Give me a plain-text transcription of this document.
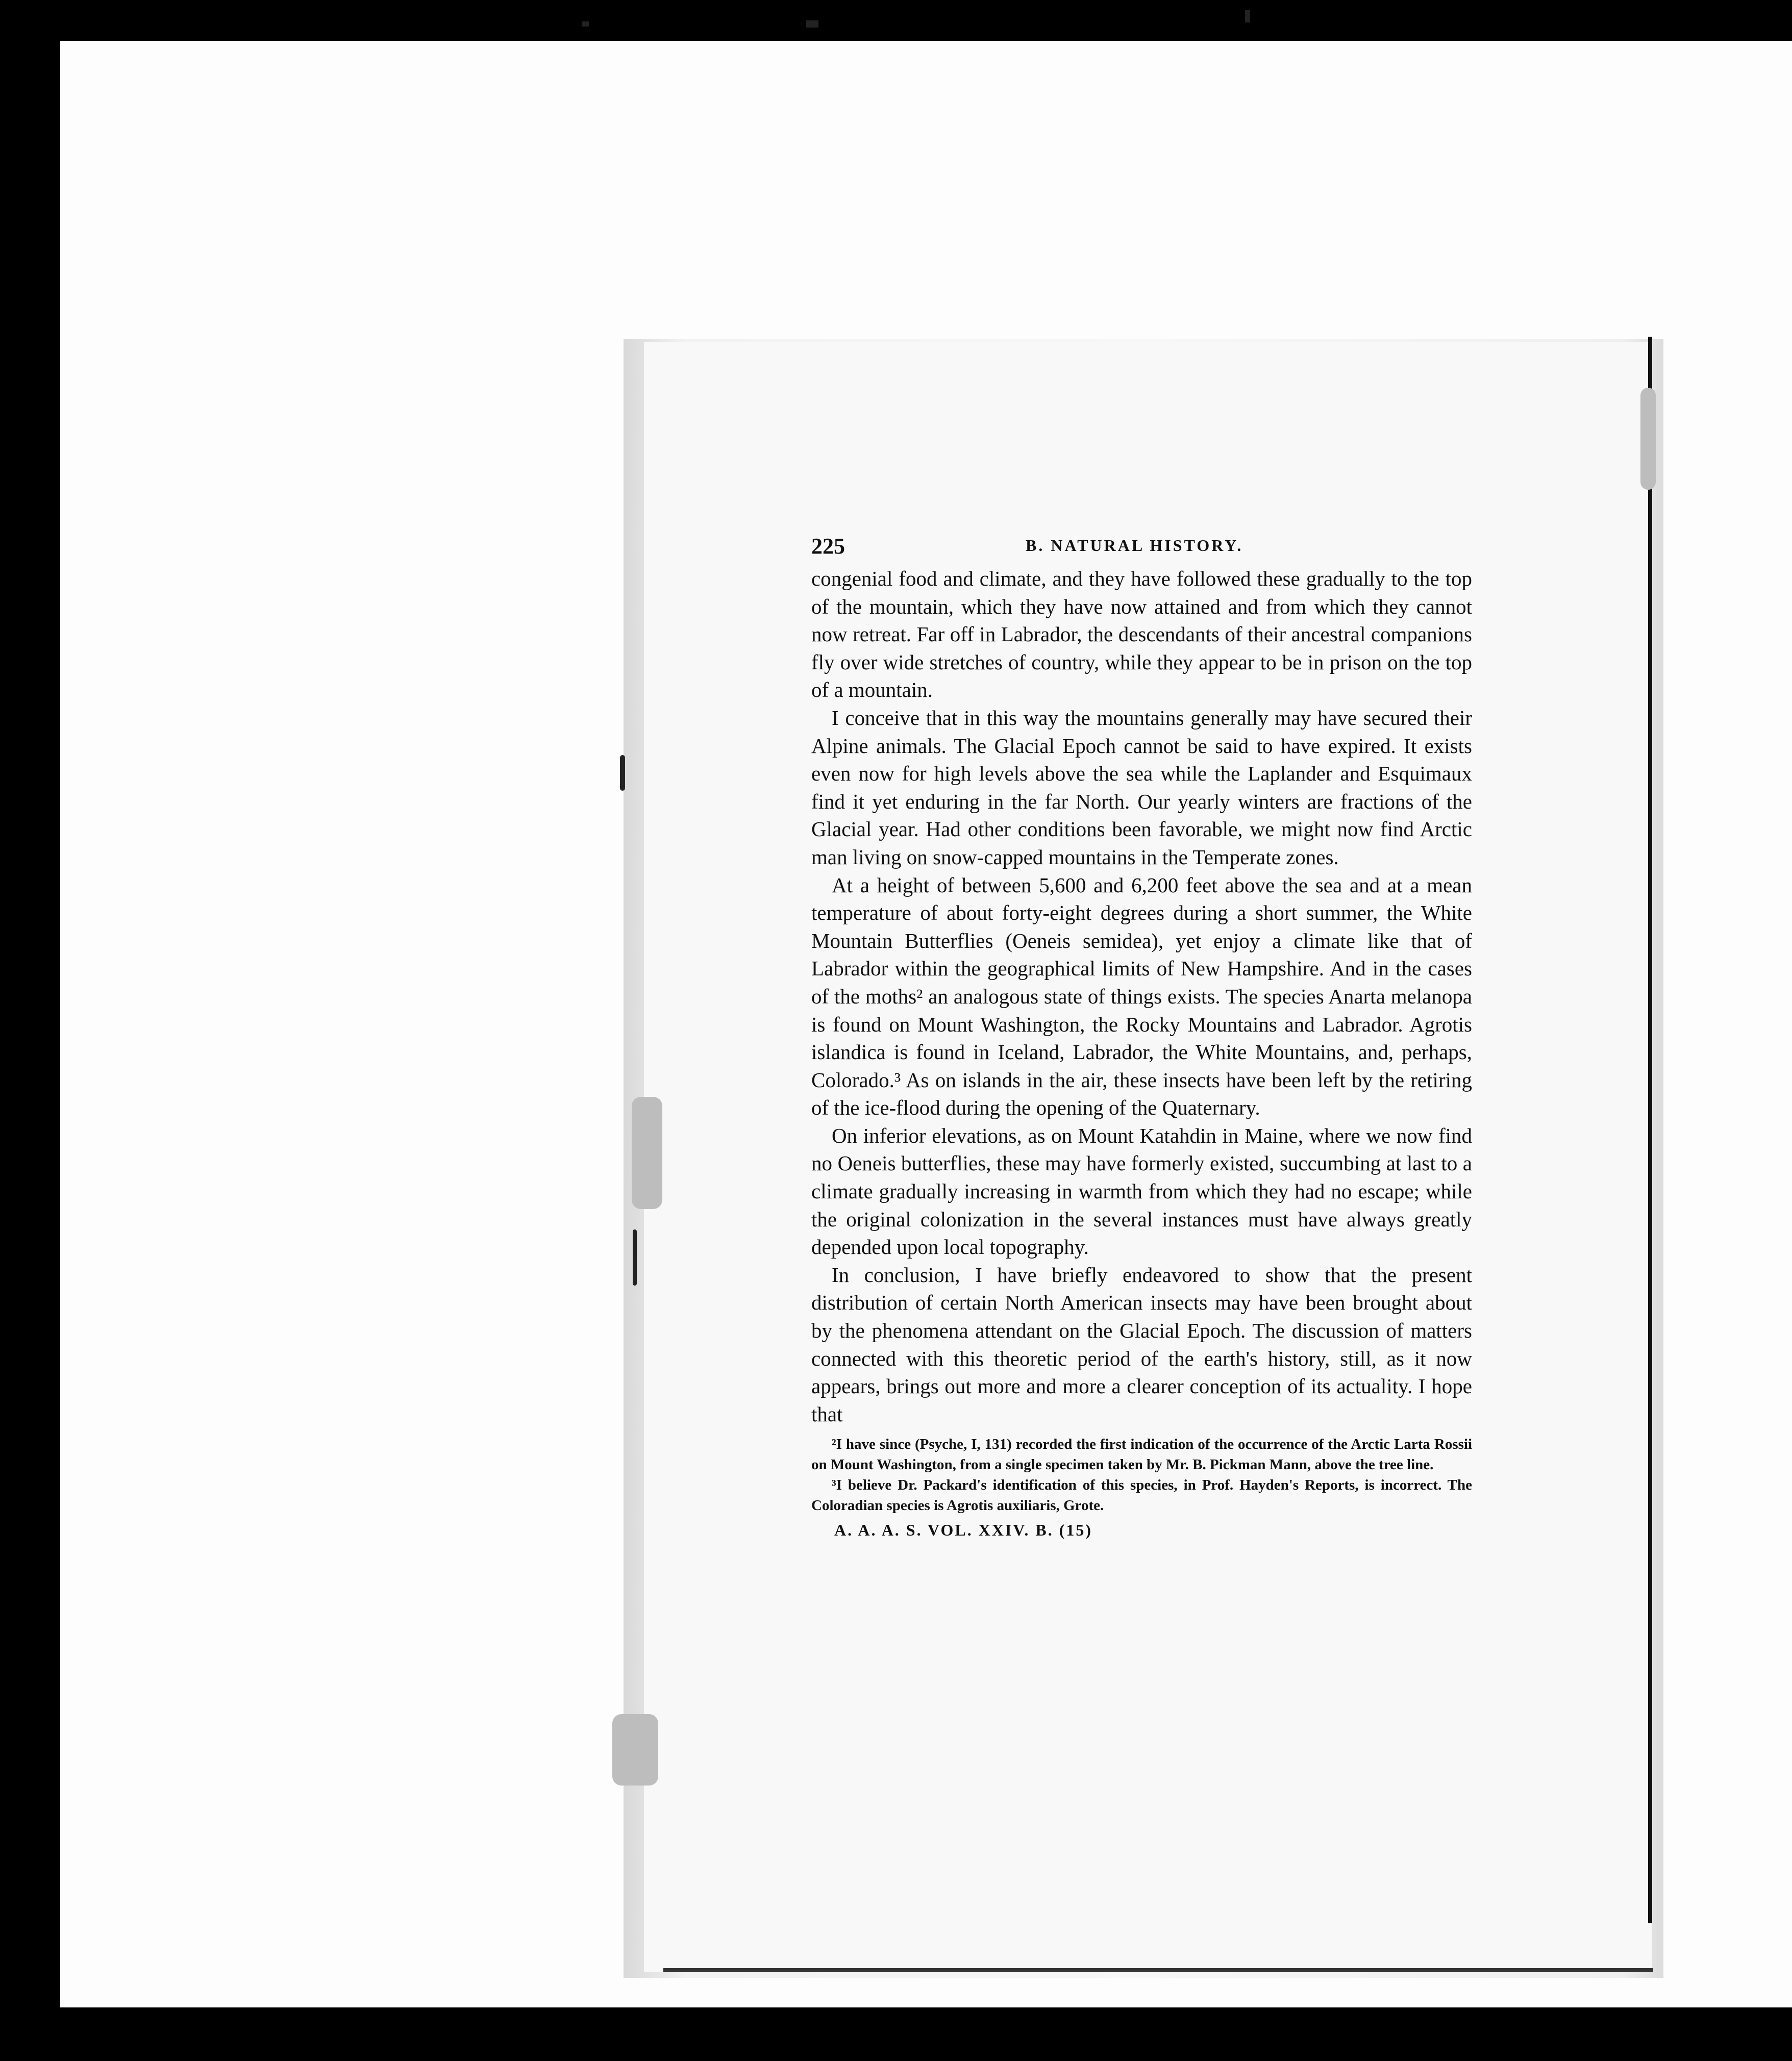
225	B. NATURAL HISTORY.

congenial food and climate, and they have followed these gradually to the top of the mountain, which they have now attained and from which they cannot now retreat. Far off in Labrador, the descendants of their ancestral companions fly over wide stretches of country, while they appear to be in prison on the top of a mountain.

I conceive that in this way the mountains generally may have secured their Alpine animals. The Glacial Epoch cannot be said to have expired. It exists even now for high levels above the sea while the Laplander and Esquimaux find it yet enduring in the far North. Our yearly winters are fractions of the Glacial year. Had other conditions been favorable, we might now find Arctic man living on snow-capped mountains in the Temperate zones.

At a height of between 5,600 and 6,200 feet above the sea and at a mean temperature of about forty-eight degrees during a short summer, the White Mountain Butterflies (Oeneis semidea), yet enjoy a climate like that of Labrador within the geographical limits of New Hampshire. And in the cases of the moths² an analogous state of things exists. The species Anarta melanopa is found on Mount Washington, the Rocky Mountains and Labrador. Agrotis islandica is found in Iceland, Labrador, the White Mountains, and, perhaps, Colorado.³ As on islands in the air, these insects have been left by the retiring of the ice-flood during the opening of the Quaternary.

On inferior elevations, as on Mount Katahdin in Maine, where we now find no Oeneis butterflies, these may have formerly existed, succumbing at last to a climate gradually increasing in warmth from which they had no escape; while the original colonization in the several instances must have always greatly depended upon local topography.

In conclusion, I have briefly endeavored to show that the present distribution of certain North American insects may have been brought about by the phenomena attendant on the Glacial Epoch. The discussion of matters connected with this theoretic period of the earth's history, still, as it now appears, brings out more and more a clearer conception of its actuality. I hope that

²I have since (Psyche, I, 131) recorded the first indication of the occurrence of the Arctic Larta Rossii on Mount Washington, from a single specimen taken by Mr. B. Pickman Mann, above the tree line.

³I believe Dr. Packard's identification of this species, in Prof. Hayden's Reports, is incorrect. The Coloradian species is Agrotis auxiliaris, Grote.

A. A. A. S. VOL. XXIV. B. (15)
